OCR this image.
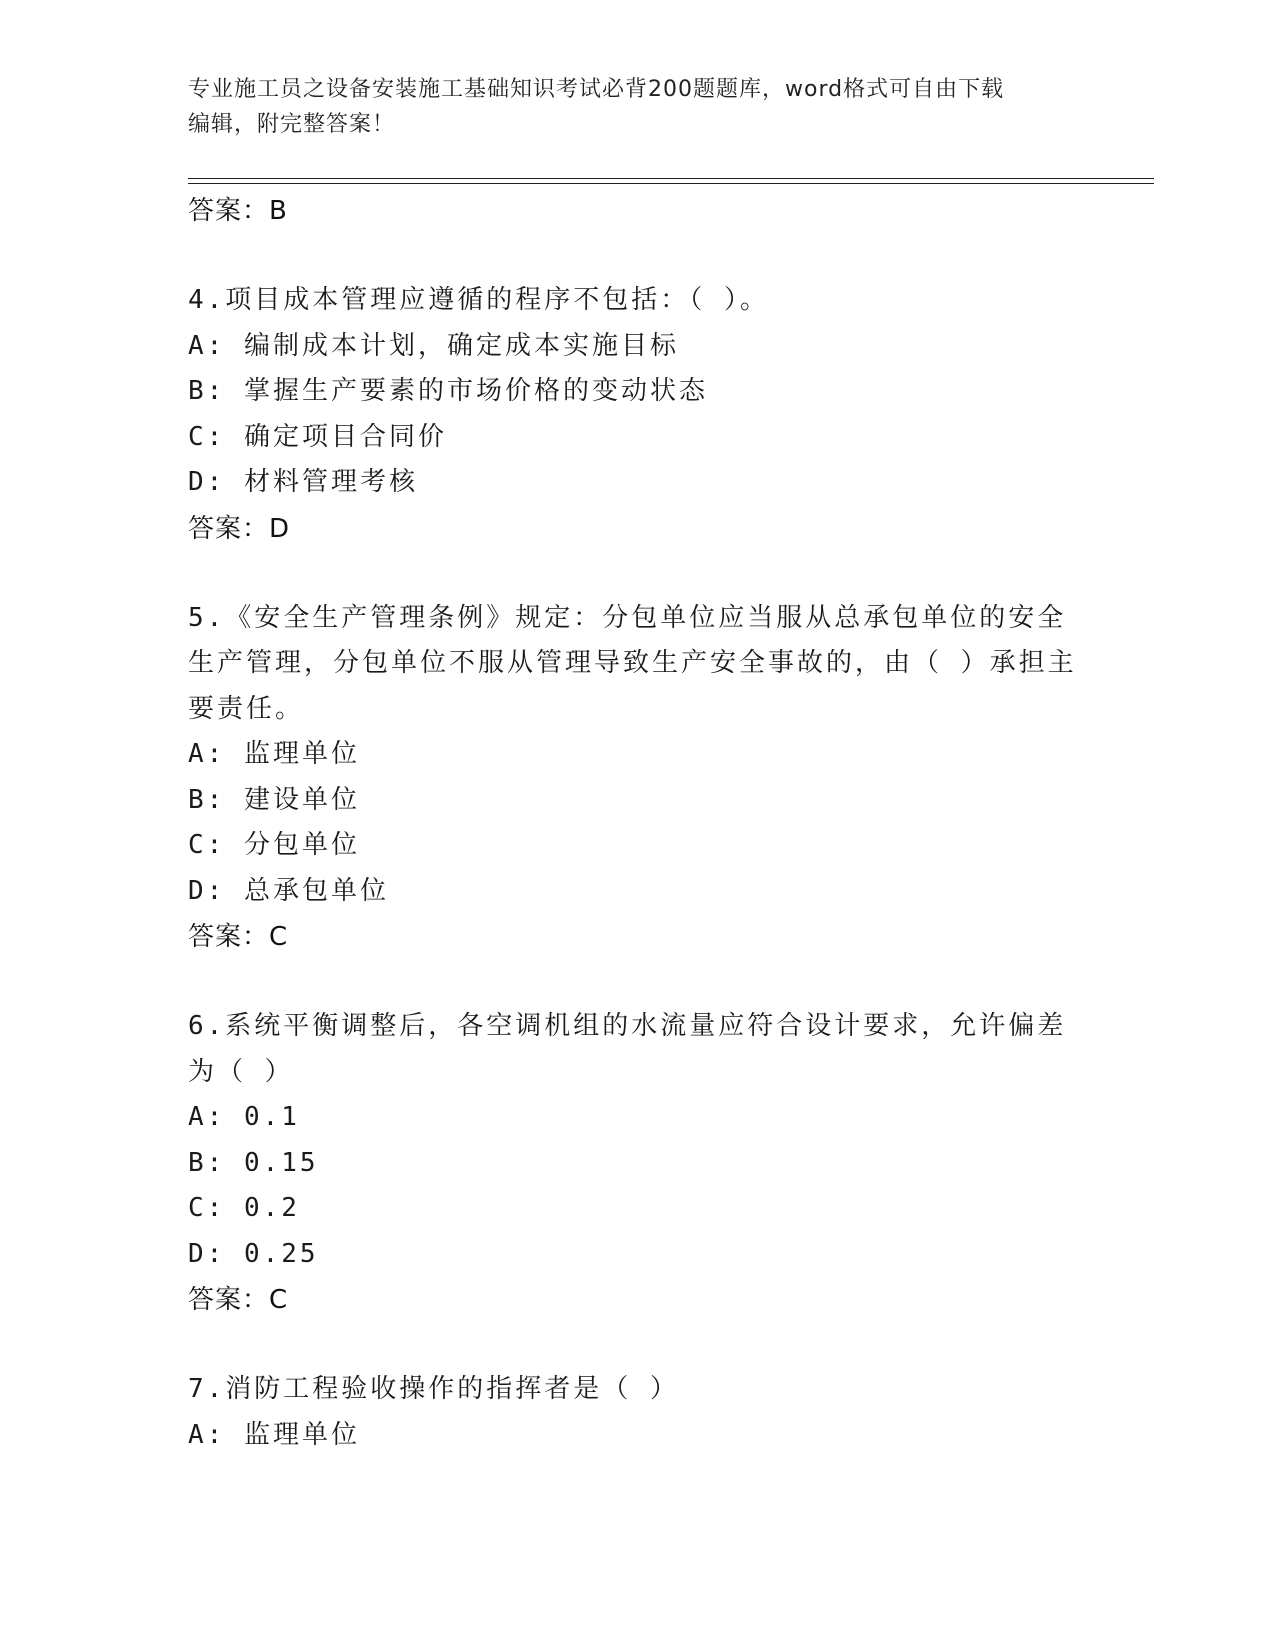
专业施工员之设备安装施工基础知识考试必背200题题库，word格式可自由下载
编辑，附完整答案！
答案：B
4.项目成本管理应遵循的程序不包括：（ ）。
A: 编制成本计划，确定成本实施目标
B: 掌握生产要素的市场价格的变动状态
C: 确定项目合同价
D: 材料管理考核
答案：D
5.《安全生产管理条例》规定：分包单位应当服从总承包单位的安全生产管理，分包单位不服从管理导致生产安全事故的，由（ ）承担主要责任。
A: 监理单位
B: 建设单位
C: 分包单位
D: 总承包单位
答案：C
6.系统平衡调整后，各空调机组的水流量应符合设计要求，允许偏差为（ ）
A: 0.1
B: 0.15
C: 0.2
D: 0.25
答案：C
7.消防工程验收操作的指挥者是（ ）
A: 监理单位
